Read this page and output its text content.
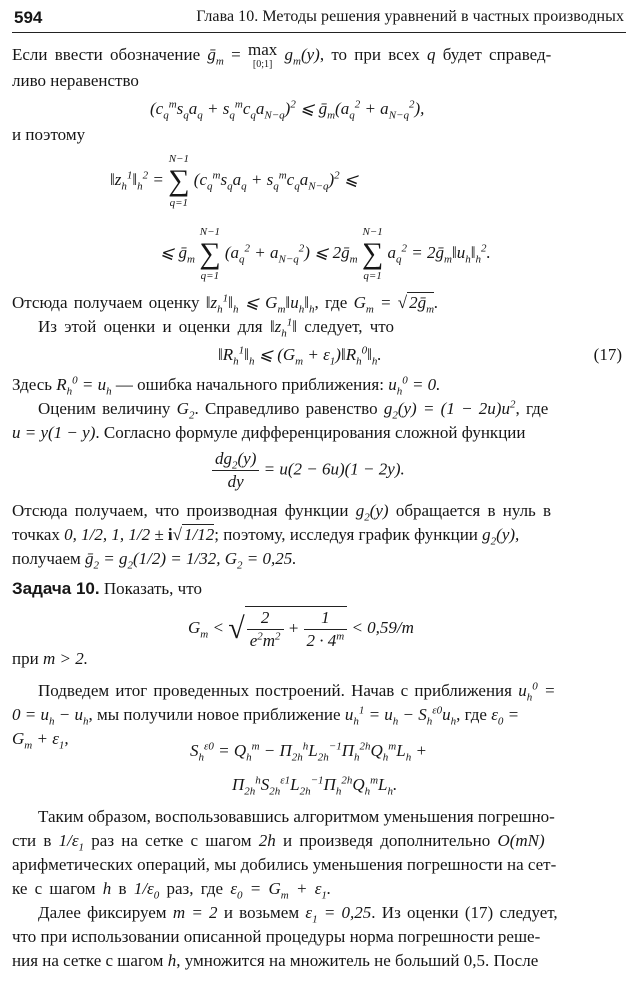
594	Глава 10. Методы решения уравнений в частных производных
Если ввести обозначение ḡ$_m$ = max
[0;1] $g_m(y)$, то при всех q будет справед-
ливо неравенство
$(c_q^ms_qa_q + s_q^mc_qa_{N-q})^2$ ⩽ $ḡ_m(a_q^2 + a_{N-q}^2)$,
и поэтому
$‖z_h^1‖_h^2$ =
N−1
∑
q=1
$(c_q^ms_qa_q + s_q^mc_qa_{N-q})^2$ ⩽
⩽ ḡ$_m$
N−1
∑
q=1
$(a_q^2 + a_{N-q}^2)$ ⩽ 2ḡ$_m$
N−1
∑
q=1
$a_q^2$ = $2ḡ_m‖u_h‖_h^2$.
Отсюда получаем оценку $‖z_h^1‖_h$ ⩽ $G_m‖u_h‖_h$, где $G_m$ = √ 2ḡ$_m$.
Из этой оценки и оценки для $‖z_h^1‖$ следует, что
$‖R_h^1‖_h$ ⩽ ($G_m$ + $\varepsilon_1)‖R_h^0‖_h$.	(17)
Здесь $R_h^0 = u_h$ — ошибка начального приближения: $u_h^0 = 0$.
Оценим величину $G_2$. Справедливо равенство $g_2(y) = (1 - 2u)u^2$, где
u = y(1 − y). Согласно формуле дифференцирования сложной функции
$\frac{dg_2(y)}{dy} = u(2 - 6u)(1 - 2y)$.
Отсюда получаем, что производная функции $g_2(y)$ обращается в нуль в
точках 0, 1/2, 1, 1/2 ± i√ 1/12; поэтому, исследуя график функции $g_2(y)$,
получаем ḡ$_2$ = $g_2(1/2) = 1/32$, $G_2 = 0,25$.
Задача 10. Показать, что
$G_m$ < √ $\frac{2}{e^2m^2} + \frac{1}{2 \cdot 4^m} < 0,59/m$
при m > 2.
Подведем итог проведенных построений. Начав с приближения $u_h^0$ =
$0 = u_h - u_h$, мы получили новое приближение $u_h^1 = u_h - S_h^{\varepsilon 0}u_h$, где $\varepsilon_0$ =
$G_m + \varepsilon_1$,
$S_h^{\varepsilon 0} = Q_h^m - \Pi_{2h}^hL_{2h}^{-1}\Pi_h^{2h}Q_h^mL_h$ +
$\Pi_{2h}^hS_{2h}^{\varepsilon 1}L_{2h}^{-1}\Pi_h^{2h}Q_h^mL_h$.
Таким образом, воспользовавшись алгоритмом уменьшения погрешно-
сти в $1/\varepsilon_1$ раз на сетке с шагом 2h и произведя дополнительно O(mN)
арифметических операций, мы добились уменьшения погрешности на сет-
ке с шагом h в $1/\varepsilon_0$ раз, где $\varepsilon_0 = G_m + \varepsilon_1$.
Далее фиксируем m = 2 и возьмем $\varepsilon_1 = 0,25$. Из оценки (17) следует,
что при использовании описанной процедуры норма погрешности реше-
ния на сетке с шагом h, умножится на множитель не больший 0,5. После
